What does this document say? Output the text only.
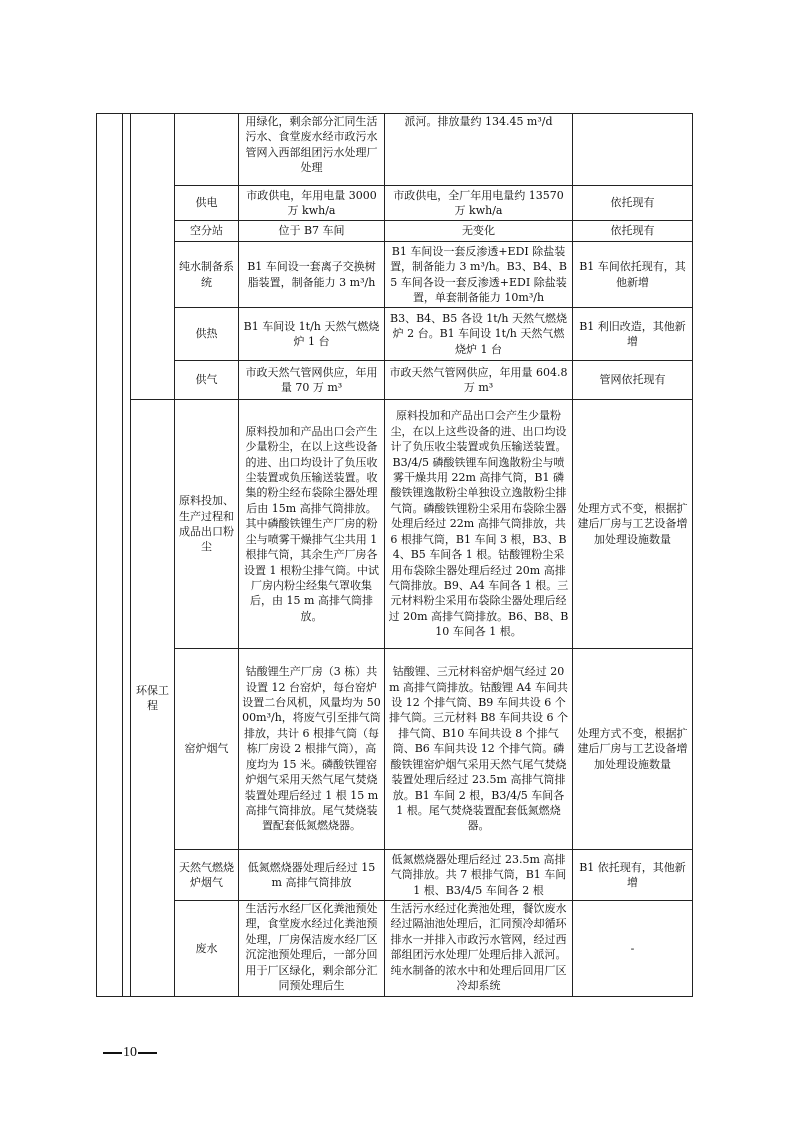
				用绿化，剩余部分汇同生活污水、食堂废水经市政污水管网入西部组团污水处理厂处理	派河。排放量约 134.45 m³/d	
			供电	市政供电，年用电量 3000 万 kwh/a	市政供电，全厂年用电量约 13570 万 kwh/a	依托现有
			空分站	位于 B7 车间	无变化	依托现有
			纯水制备系统	B1 车间设一套离子交换树脂装置，制备能力 3 m³/h	B1 车间设一套反渗透+EDI 除盐装置，制备能力 3 m³/h。B3、B4、B5 车间各设一套反渗透+EDI 除盐装置，单套制备能力 10m³/h	B1 车间依托现有，其他新增
			供热	B1 车间设 1t/h 天然气燃烧炉 1 台	B3、B4、B5 各设 1t/h 天然气燃烧炉 2 台。B1 车间设 1t/h 天然气燃烧炉 1 台	B1 利旧改造，其他新增
			供气	市政天然气管网供应，年用量 70 万 m³	市政天然气管网供应，年用量 604.8 万 m³	管网依托现有
		环保工程	原料投加、生产过程和成品出口粉尘	原料投加和产品出口会产生少量粉尘，在以上这些设备的进、出口均设计了负压收尘装置或负压输送装置。收集的粉尘经布袋除尘器处理后由 15m 高排气筒排放。其中磷酸铁锂生产厂房的粉尘与喷雾干燥排气尘共用 1 根排气筒，其余生产厂房各设置 1 根粉尘排气筒。中试厂房内粉尘经集气罩收集后，由 15 m 高排气筒排放。	原料投加和产品出口会产生少量粉尘，在以上这些设备的进、出口均设计了负压收尘装置或负压输送装置。B3/4/5 磷酸铁锂车间逸散粉尘与喷雾干燥共用 22m 高排气筒，B1 磷酸铁锂逸散粉尘单独设立逸散粉尘排气筒。磷酸铁锂粉尘采用布袋除尘器处理后经过 22m 高排气筒排放，共 6 根排气筒，B1 车间 3 根，B3、B4、B5 车间各 1 根。钴酸锂粉尘采用布袋除尘器处理后经过 20m 高排气筒排放。B9、A4 车间各 1 根。三元材料粉尘采用布袋除尘器处理后经过 20m 高排气筒排放。B6、B8、B10 车间各 1 根。	处理方式不变，根据扩建后厂房与工艺设备增加处理设施数量
			窑炉烟气	钴酸锂生产厂房（3 栋）共设置 12 台窑炉，每台窑炉设置二台风机，风量均为 5000m³/h，将废气引至排气筒排放，共计 6 根排气筒（每栋厂房设 2 根排气筒），高度均为 15 米。磷酸铁锂窑炉烟气采用天然气尾气焚烧装置处理后经过 1 根 15 m 高排气筒排放。尾气焚烧装置配套低氮燃烧器。	钴酸锂、三元材料窑炉烟气经过 20m 高排气筒排放。钴酸锂 A4 车间共设 12 个排气筒、B9 车间共设 6 个排气筒。三元材料 B8 车间共设 6 个排气筒、B10 车间共设 8 个排气筒、B6 车间共设 12 个排气筒。磷酸铁锂窑炉烟气采用天然气尾气焚烧装置处理后经过 23.5m 高排气筒排放。B1 车间 2 根，B3/4/5 车间各 1 根。尾气焚烧装置配套低氮燃烧器。	处理方式不变，根据扩建后厂房与工艺设备增加处理设施数量
			天然气燃烧炉烟气	低氮燃烧器处理后经过 15 m 高排气筒排放	低氮燃烧器处理后经过 23.5m 高排气筒排放。共 7 根排气筒，B1 车间 1 根、B3/4/5 车间各 2 根	B1 依托现有，其他新增
			废水	生活污水经厂区化粪池预处理，食堂废水经过化粪池预处理，厂房保洁废水经厂区沉淀池预处理后，一部分回用于厂区绿化，剩余部分汇同预处理后生	生活污水经过化粪池处理，餐饮废水经过隔油池处理后，汇同预冷却循环排水一并排入市政污水管网，经过西部组团污水处理厂处理后排入派河。纯水制备的浓水中和处理后回用厂区冷却系统	-
10
